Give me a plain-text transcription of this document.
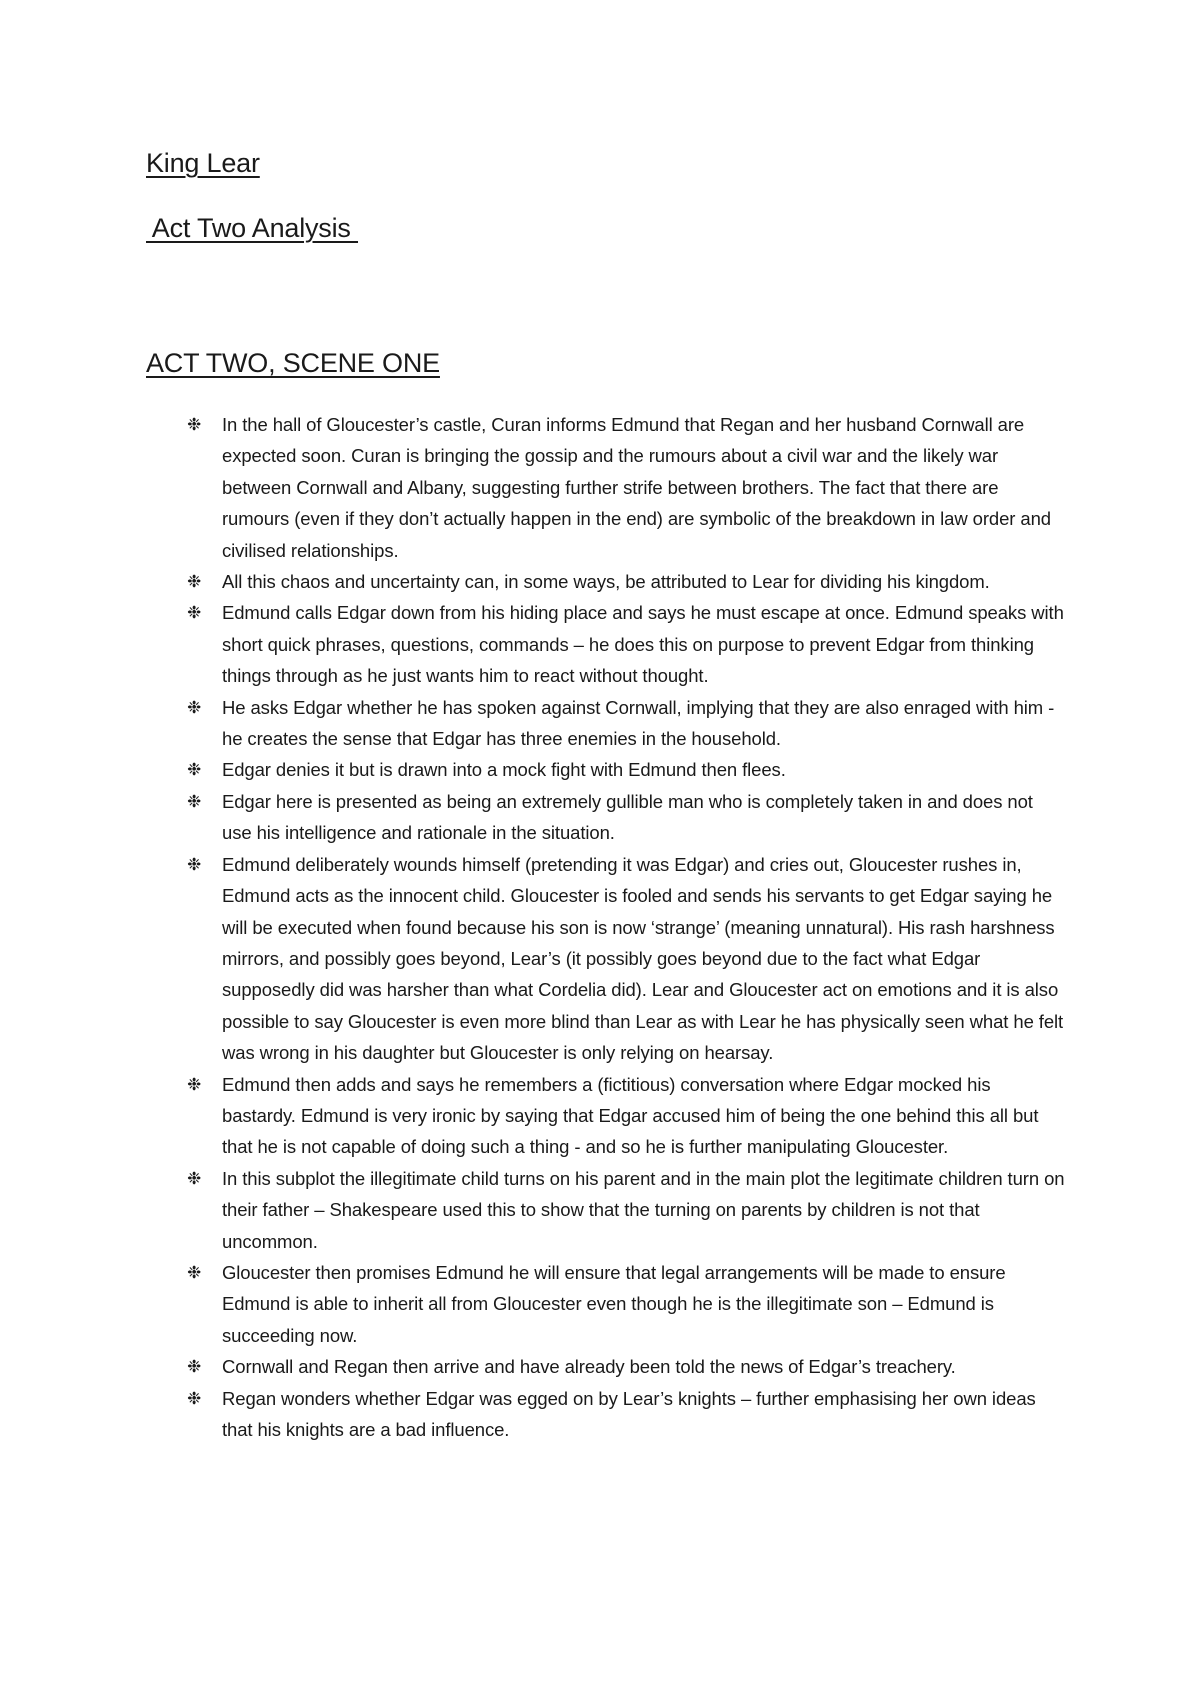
King Lear
Act Two Analysis
ACT TWO, SCENE ONE
❉ In the hall of Gloucester’s castle, Curan informs Edmund that Regan and her husband Cornwall are expected soon. Curan is bringing the gossip and the rumours about a civil war and the likely war between Cornwall and Albany, suggesting further strife between brothers. The fact that there are rumours (even if they don’t actually happen in the end) are symbolic of the breakdown in law order and civilised relationships.
❉ All this chaos and uncertainty can, in some ways, be attributed to Lear for dividing his kingdom.
❉ Edmund calls Edgar down from his hiding place and says he must escape at once. Edmund speaks with short quick phrases, questions, commands – he does this on purpose to prevent Edgar from thinking things through as he just wants him to react without thought.
❉ He asks Edgar whether he has spoken against Cornwall, implying that they are also enraged with him - he creates the sense that Edgar has three enemies in the household.
❉ Edgar denies it but is drawn into a mock fight with Edmund then flees.
❉ Edgar here is presented as being an extremely gullible man who is completely taken in and does not use his intelligence and rationale in the situation.
❉ Edmund deliberately wounds himself (pretending it was Edgar) and cries out, Gloucester rushes in, Edmund acts as the innocent child. Gloucester is fooled and sends his servants to get Edgar saying he will be executed when found because his son is now ‘strange’ (meaning unnatural). His rash harshness mirrors, and possibly goes beyond, Lear’s (it possibly goes beyond due to the fact what Edgar supposedly did was harsher than what Cordelia did). Lear and Gloucester act on emotions and it is also possible to say Gloucester is even more blind than Lear as with Lear he has physically seen what he felt was wrong in his daughter but Gloucester is only relying on hearsay.
❉ Edmund then adds and says he remembers a (fictitious) conversation where Edgar mocked his bastardy. Edmund is very ironic by saying that Edgar accused him of being the one behind this all but that he is not capable of doing such a thing - and so he is further manipulating Gloucester.
❉ In this subplot the illegitimate child turns on his parent and in the main plot the legitimate children turn on their father – Shakespeare used this to show that the turning on parents by children is not that uncommon.
❉ Gloucester then promises Edmund he will ensure that legal arrangements will be made to ensure Edmund is able to inherit all from Gloucester even though he is the illegitimate son – Edmund is succeeding now.
❉ Cornwall and Regan then arrive and have already been told the news of Edgar’s treachery.
❉ Regan wonders whether Edgar was egged on by Lear’s knights – further emphasising her own ideas that his knights are a bad influence.
